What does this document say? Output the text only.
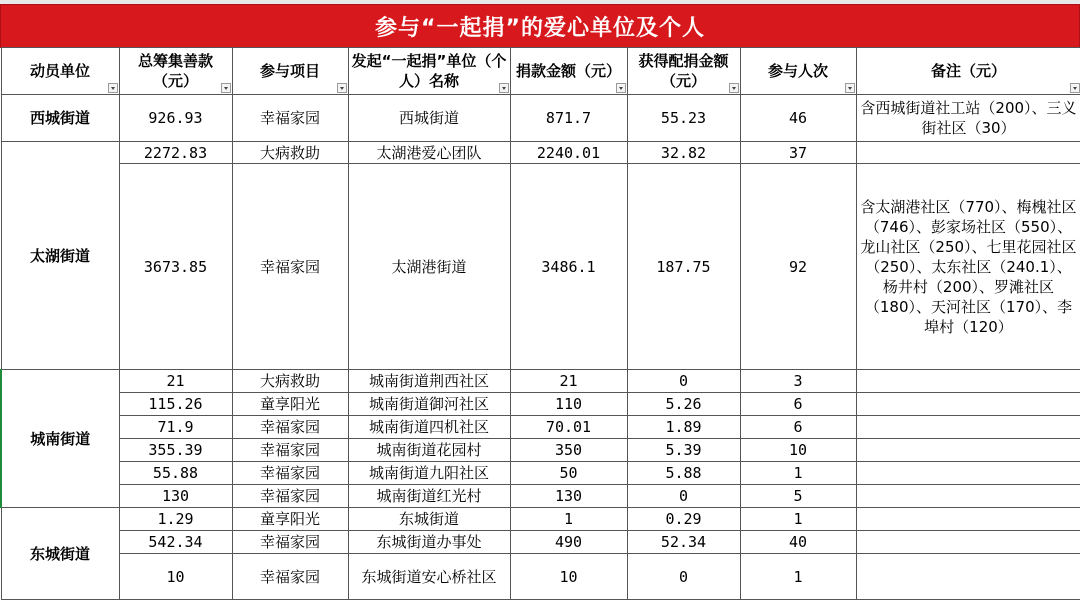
参与“一起捐”的爱心单位及个人
动员单位	总筹集善款（元）	参与项目	发起“一起捐”单位（个人）名称	捐款金额（元）	获得配捐金额（元）	参与人次	备注（元）

西城街道	926.93	幸福家园	西城街道	871.7	55.23	46	含西城街道社工站（200）、三义街社区（30）
太湖街道	2272.83	大病救助	太湖港爱心团队	2240.01	32.82	37	
	3673.85	幸福家园	太湖港街道	3486.1	187.75	92	含太湖港社区（770）、梅槐社区（746）、彭家场社区（550）、龙山社区（250）、七里花园社区（250）、太东社区（240.1）、杨井村（200）、罗滩社区（180）、天河社区（170）、李埠村（120）
城南街道	21	大病救助	城南街道荆西社区	21	0	3	
	115.26	童享阳光	城南街道御河社区	110	5.26	6	
	71.9	幸福家园	城南街道四机社区	70.01	1.89	6	
	355.39	幸福家园	城南街道花园村	350	5.39	10	
	55.88	幸福家园	城南街道九阳社区	50	5.88	1	
	130	幸福家园	城南街道红光村	130	0	5	
东城街道	1.29	童享阳光	东城街道	1	0.29	1	
	542.34	幸福家园	东城街道办事处	490	52.34	40	
	10	幸福家园	东城街道安心桥社区	10	0	1	
